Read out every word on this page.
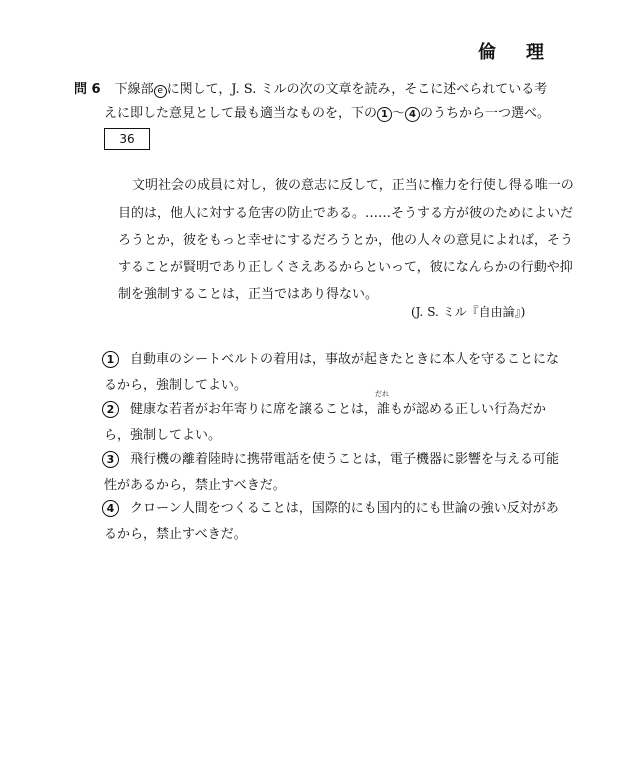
倫　理
問 6 下線部 e に関して，J. S. ミルの次の文章を読み，そこに述べられている考
えに即した意見として最も適当なものを，下の 1 ～ 4 のうちから一つ選べ。
36
文明社会の成員に対し，彼の意志に反して，正当に権力を行使し得る唯一の
目的は，他人に対する危害の防止である。……そうする方が彼のためによいだ
ろうとか，彼をもっと幸せにするだろうとか，他の人々の意見によれば，そう
することが賢明であり正しくさえあるからといって，彼になんらかの行動や抑
制を強制することは，正当ではあり得ない。
(J. S. ミル『自由論』)
1	自動車のシートベルトの着用は，事故が起きたときに本人を守ることにな
るから，強制してよい。
2	健康な若者がお年寄りに席を譲ることは，
だれ
誰もが認める正しい行為だか
ら，強制してよい。
3	飛行機の離着陸時に携帯電話を使うことは，電子機器に影響を与える可能
性があるから，禁止すべきだ。
4	クローン人間をつくることは，国際的にも国内的にも世論の強い反対があ
るから，禁止すべきだ。
